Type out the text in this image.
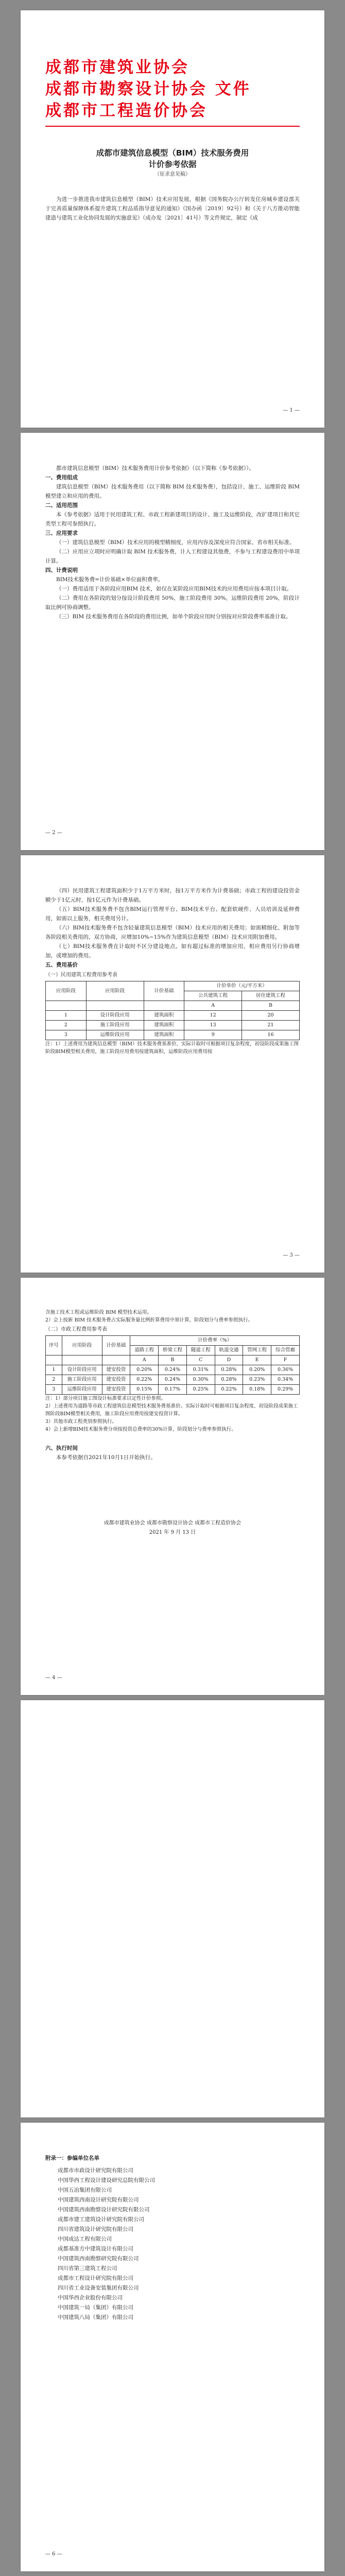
成都市建筑业协会
成都市勘察设计协会 文件
成都市工程造价协会
成都市建筑信息模型（BIM）技术服务费用
计价参考依据
（征求意见稿）

为进一步推进我市建筑信息模型（BIM）技术应用发展，根据《国务院办公厅转发住房城乡建设部关于完善质量保障体系提升建筑工程品质指导意见的通知》（国办函〔2019〕92号）和《关于八方推动智能建造与建筑工业化协同发展的实施意见》（成办发〔2021〕41号）等文件规定，制定《成

— 1 —

都市建筑信息模型（BIM）技术服务费用计价参考依据》（以下简称《参考依据》）。

一、费用组成

建筑信息模型（BIM）技术服务费用（以下简称 BIM 技术服务费），包括设计、施工、运维阶段 BIM 模型建立和应用的费用。

二、适用范围

本《参考依据》适用于民用建筑工程、市政工程新建项目的设计、施工及运维阶段，改扩建项目和其它类型工程可参照执行。

三、应用要求

（一）建筑信息模型（BIM）技术应用的模型精细度，应用内容及深度应符合国家、省市相关标准。

（二）应用应立项时应明确计取 BIM 技术服务费，计入工程建设其他费，不参与工程建设费用中单项计算。

四、计费说明

BIM技术服务费=计价基础×单位面积费率。

（一）费用适用于各阶段应用BIM 技术，如仅在某阶段应用BIM技术的应用费用应按本项目计取。

（二）费用在各阶段的划分按设计阶段费用 50%，施工阶段费用 30%，运维阶段费用 20%，阶段计取比例可协商调整。

（三）BIM 技术服务费用在各阶段的费用比例，如单个阶段应用时分别按对应阶段费率基准计取。

— 2 —

（四）民用建筑工程建筑面积少于1万平方米时，按1万平方米作为计费基础；市政工程的建设投资金额少于1亿元时，按1亿元作为计费基础。

（五）BIM技术服务费不包含BIM运行管理平台、BIM技术平台、配套软硬件、人员培训及延伸费用，如需以上服务，相关费用另计。

（六）BIM技术服务费不包含轻量建筑信息模型（BIM）技术应用的相关费用；如需精细化、附加等各阶段相关费用的，双方协商，应增加10%~15%作为建筑信息模型（BIM）技术应用附加费用。

（七）BIM技术服务费在计取时不区分建设地点。如有超过标准的增加应用，相应费用另行协商增加，或增加的费用。

五、费用基价

（一）民用建筑工程费用参考表

应用阶段	应用阶段	计价基础	计价单价（元/平方米）	
			公共建筑工程	居住建筑工程
			A	B
1	设计阶段应用	建筑面积	12	20
2	施工阶段应用	建筑面积	13	21
3	运维阶段应用	建筑面积	9	16

注：1）上述费用为建筑信息模型（BIM）技术服务费基准价，实际计取时可根据项目复杂程度，初设阶段成果施工图阶段BIM模型相关费用，施工阶段应用费用按建筑面积，运维阶段应用费用按

— 3 —

含施工技术工程或运维阶段 BIM 模型技术运用。

2）会上按新 BIM 技术服务费占实际服务量比例折算费用中须计算，阶段划分与费率参照执行。

（二）市政工程费用参考表

序号	应用阶段	计价基础	计价费率（%）					
			道路工程	桥梁工程	隧道工程	轨道交通	管网工程	综合管廊
			A	B	C	D	E	F
1	设计阶段应用	建安投资	0.20%	0.24%	0.31%	0.28%	0.20%	0.36%
2	施工阶段应用	建安投资	0.22%	0.24%	0.30%	0.28%	0.23%	0.34%
3	运维阶段应用	建安投资	0.15%	0.17%	0.25%	0.22%	0.18%	0.29%

注：1）部分项目施工图设计标准要求以定性计价参照。

2）上述费用为道路等市政工程建筑信息模型技术服务费基准价。实际计取时可根据项目复杂程度、初设阶段成果施工图阶段BIM模型相关费用，施工阶段应用费用按建安投资计算。

3）其他市政工程类别参照执行。

4）会上新增BIM技术服务费分项按投资总费率的30%计算，阶段划分与费率参照执行。

六、执行时间

本参考依据自2021年10月1日开始执行。

成都市建筑业协会 成都市勘察设计协会 成都市工程造价协会
2021 年 9 月 13 日
— 4 —

附录一：参编单位名单

成都市市政设计研究院有限公司
中国华西工程设计建设研究总院有限公司
中国五冶集团有限公司
中国建筑西南设计研究院有限公司
中国建筑西南勘察设计研究院有限公司
成都市建工建筑设计研究院有限公司
四川省建筑设计研究院有限公司
中国成达工程有限公司
成都基准方中建筑设计有限公司
中国建筑西南勘察研究院有限公司
四川省第三建筑工程公司
成都市工程设计研究院有限公司
四川省工业设备安装集团有限公司
中国华西企业股份有限公司
中国建筑一局（集团）有限公司
中国建筑八局（集团）有限公司
— 6 —
